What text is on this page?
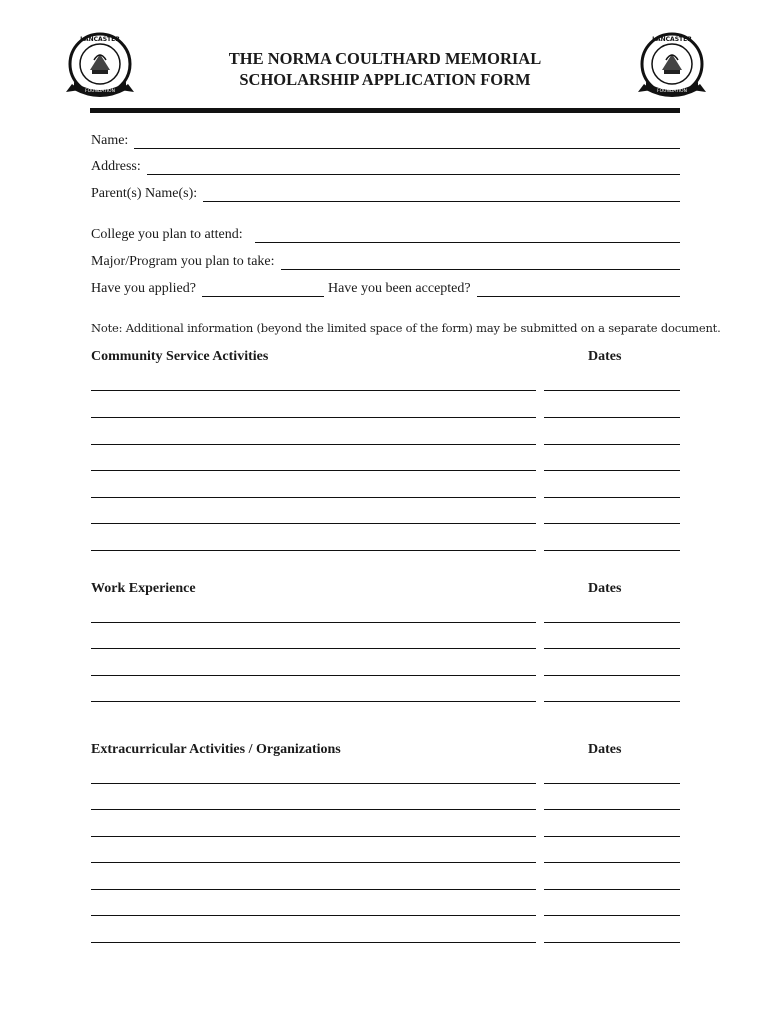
LANCASTER
FOUNDATION
THE NORMA COULTHARD MEMORIAL
SCHOLARSHIP APPLICATION FORM
LANCASTER
FOUNDATION
Name:
Address:
Parent(s) Name(s):
College you plan to attend:
Major/Program you plan to take:
Have you applied?	Have you been accepted?
Note: Additional information (beyond the limited space of the form) may be submitted on a separate document.
Community Service Activities	Dates
Work Experience	Dates
Extracurricular Activities / Organizations	Dates
